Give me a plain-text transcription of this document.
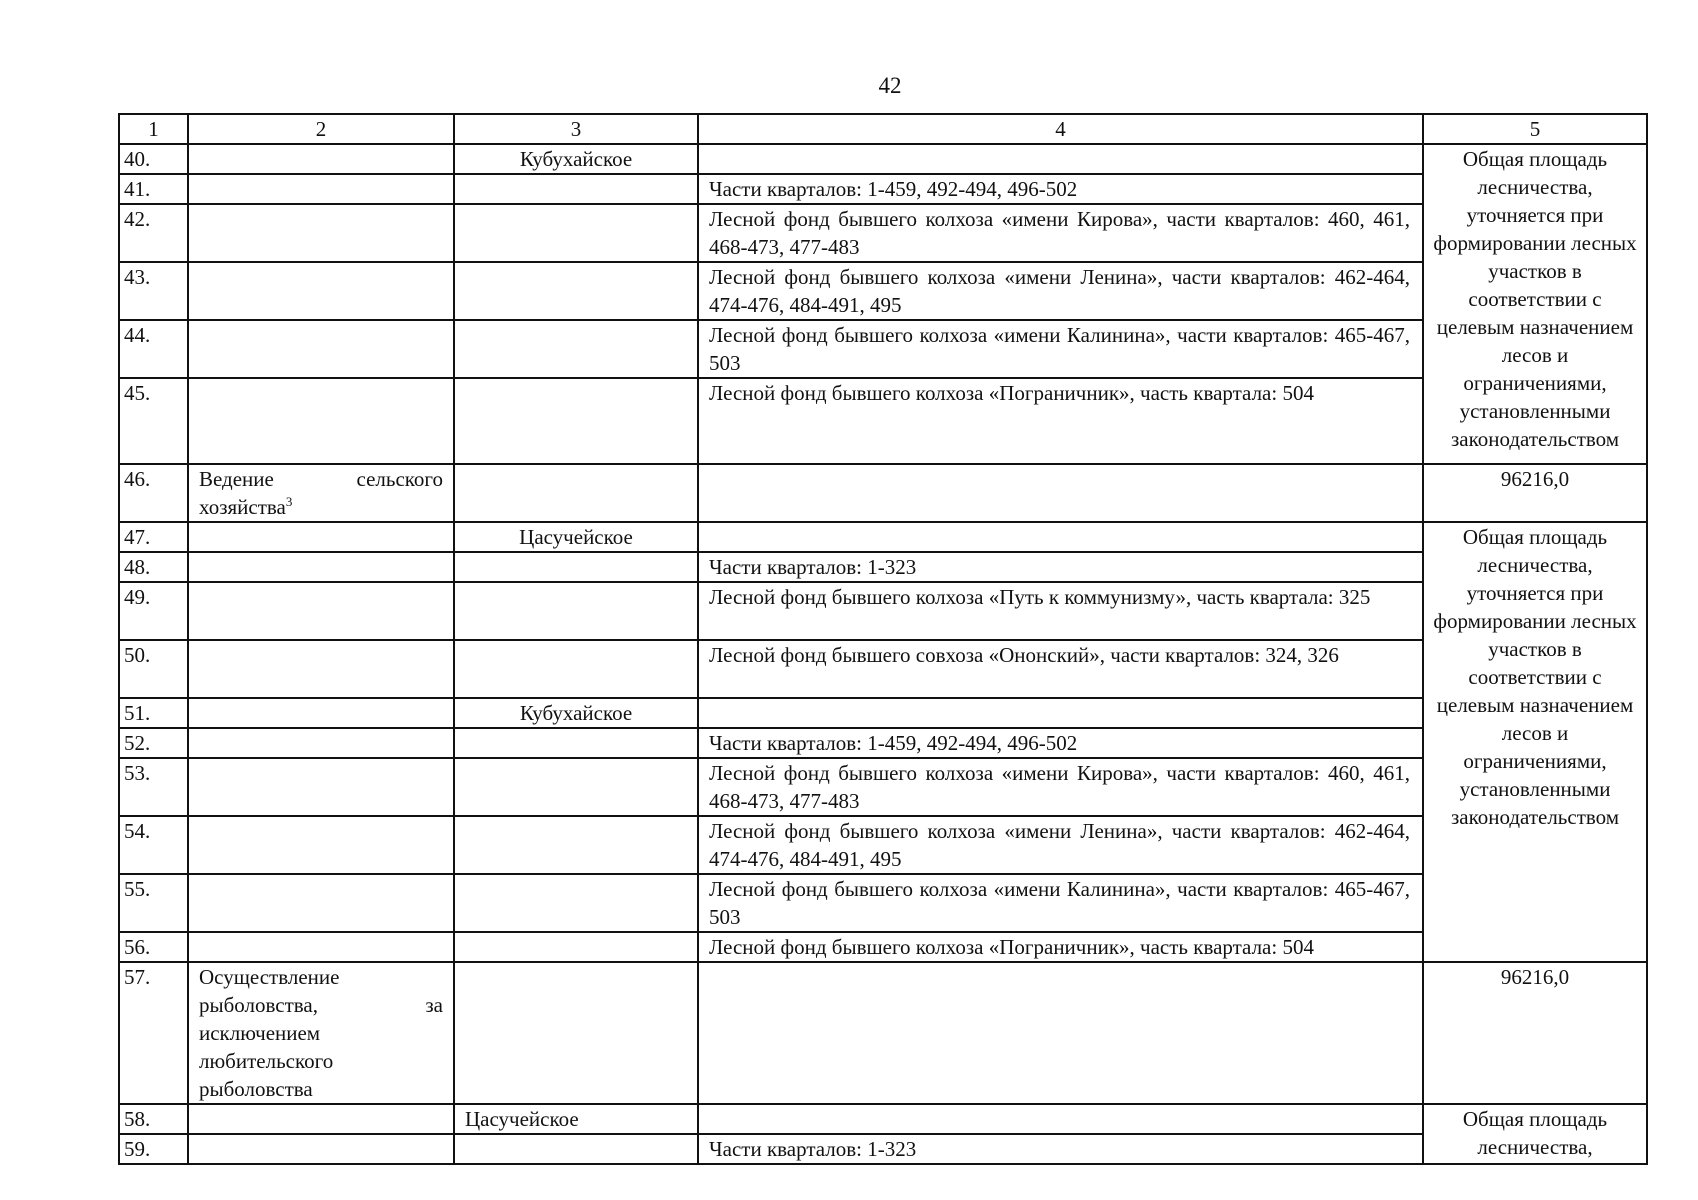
42
1	2	3	4	5
40.		Кубухайское		Общая площадь лесничества, уточняется при формировании лесных участков в соответствии с целевым назначением лесов и ограничениями, установленными законодательством
41.			Части кварталов: 1-459, 492-494, 496-502	
42.			Лесной фонд бывшего колхоза «имени Кирова», части кварталов: 460, 461, 468-473, 477-483	
43.			Лесной фонд бывшего колхоза «имени Ленина», части кварталов: 462-464, 474-476, 484-491, 495	
44.			Лесной фонд бывшего колхоза «имени Калинина», части кварталов: 465-467, 503	
45.			Лесной фонд бывшего колхоза «Пограничник», часть квартала: 504	
46.	Ведение сельского хозяйства$^3$			96216,0
47.		Цасучейское		Общая площадь лесничества, уточняется при формировании лесных участков в соответствии с целевым назначением лесов и ограничениями, установленными законодательством
48.			Части кварталов: 1-323	
49.			Лесной фонд бывшего колхоза «Путь к коммунизму», часть квартала: 325	
50.			Лесной фонд бывшего совхоза «Ононский», части кварталов: 324, 326	
51.		Кубухайское		
52.			Части кварталов: 1-459, 492-494, 496-502	
53.			Лесной фонд бывшего колхоза «имени Кирова», части кварталов: 460, 461, 468-473, 477-483	
54.			Лесной фонд бывшего колхоза «имени Ленина», части кварталов: 462-464, 474-476, 484-491, 495	
55.			Лесной фонд бывшего колхоза «имени Калинина», части кварталов: 465-467, 503	
56.			Лесной фонд бывшего колхоза «Пограничник», часть квартала: 504	
57.	Осуществление рыболовства, за исключением любительского рыболовства			96216,0
58.		Цасучейское		Общая площадь лесничества,
59.			Части кварталов: 1-323	
